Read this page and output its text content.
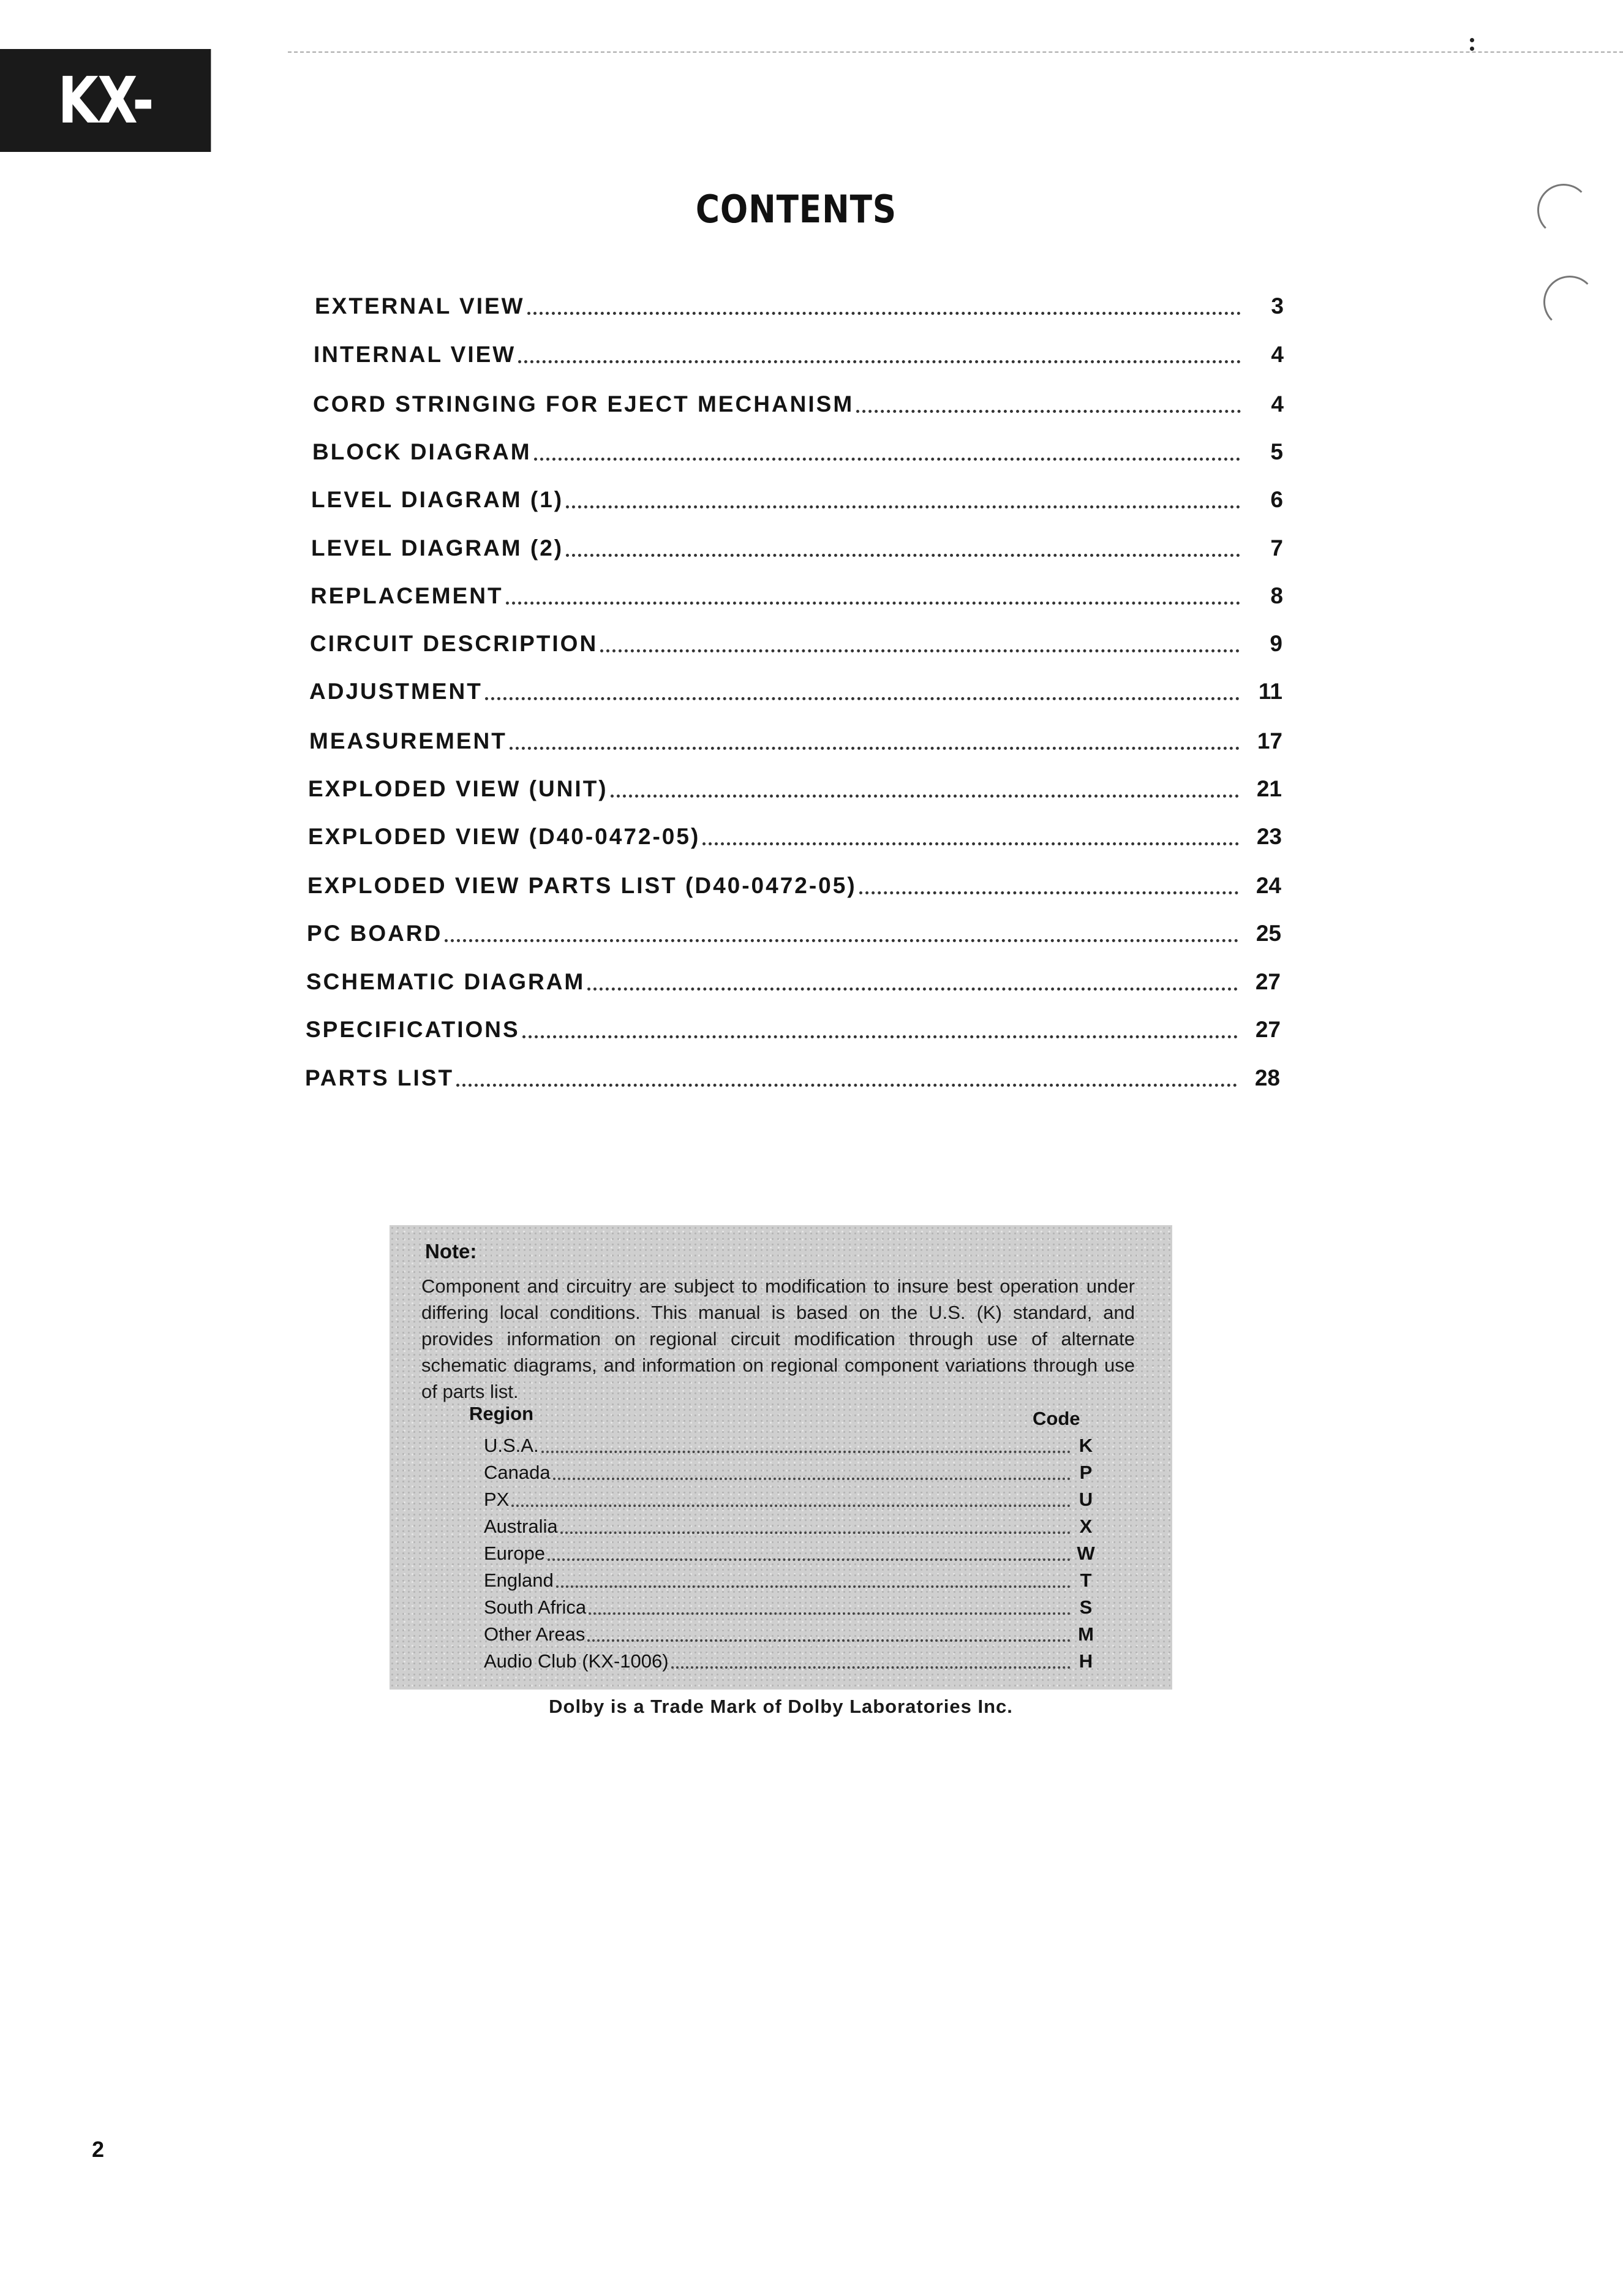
KX-1060	CONTENTS
EXTERNAL VIEW	3
INTERNAL VIEW	4
CORD STRINGING FOR EJECT MECHANISM	4
BLOCK DIAGRAM	5
LEVEL DIAGRAM (1)	6
LEVEL DIAGRAM (2)	7
REPLACEMENT	8
CIRCUIT DESCRIPTION	9
ADJUSTMENT	11
MEASUREMENT	17
EXPLODED VIEW (UNIT)	21
EXPLODED VIEW (D40-0472-05)	23
EXPLODED VIEW PARTS LIST (D40-0472-05)	24
PC BOARD	25
SCHEMATIC DIAGRAM	27
SPECIFICATIONS	27
PARTS LIST	28
Note:
Component and circuitry are subject to modification to insure best operation under differing local conditions. This manual is based on the U.S. (K) standard, and provides information on regional circuit modification through use of alternate schematic diagrams, and information on regional component variations through use of parts list.
Region	Code
U.S.A.	K
Canada	P
PX	U
Australia	X
Europe	W
England	T
South Africa	S
Other Areas	M
Audio Club (KX-1006)	H
Dolby is a Trade Mark of Dolby Laboratories Inc.
2
